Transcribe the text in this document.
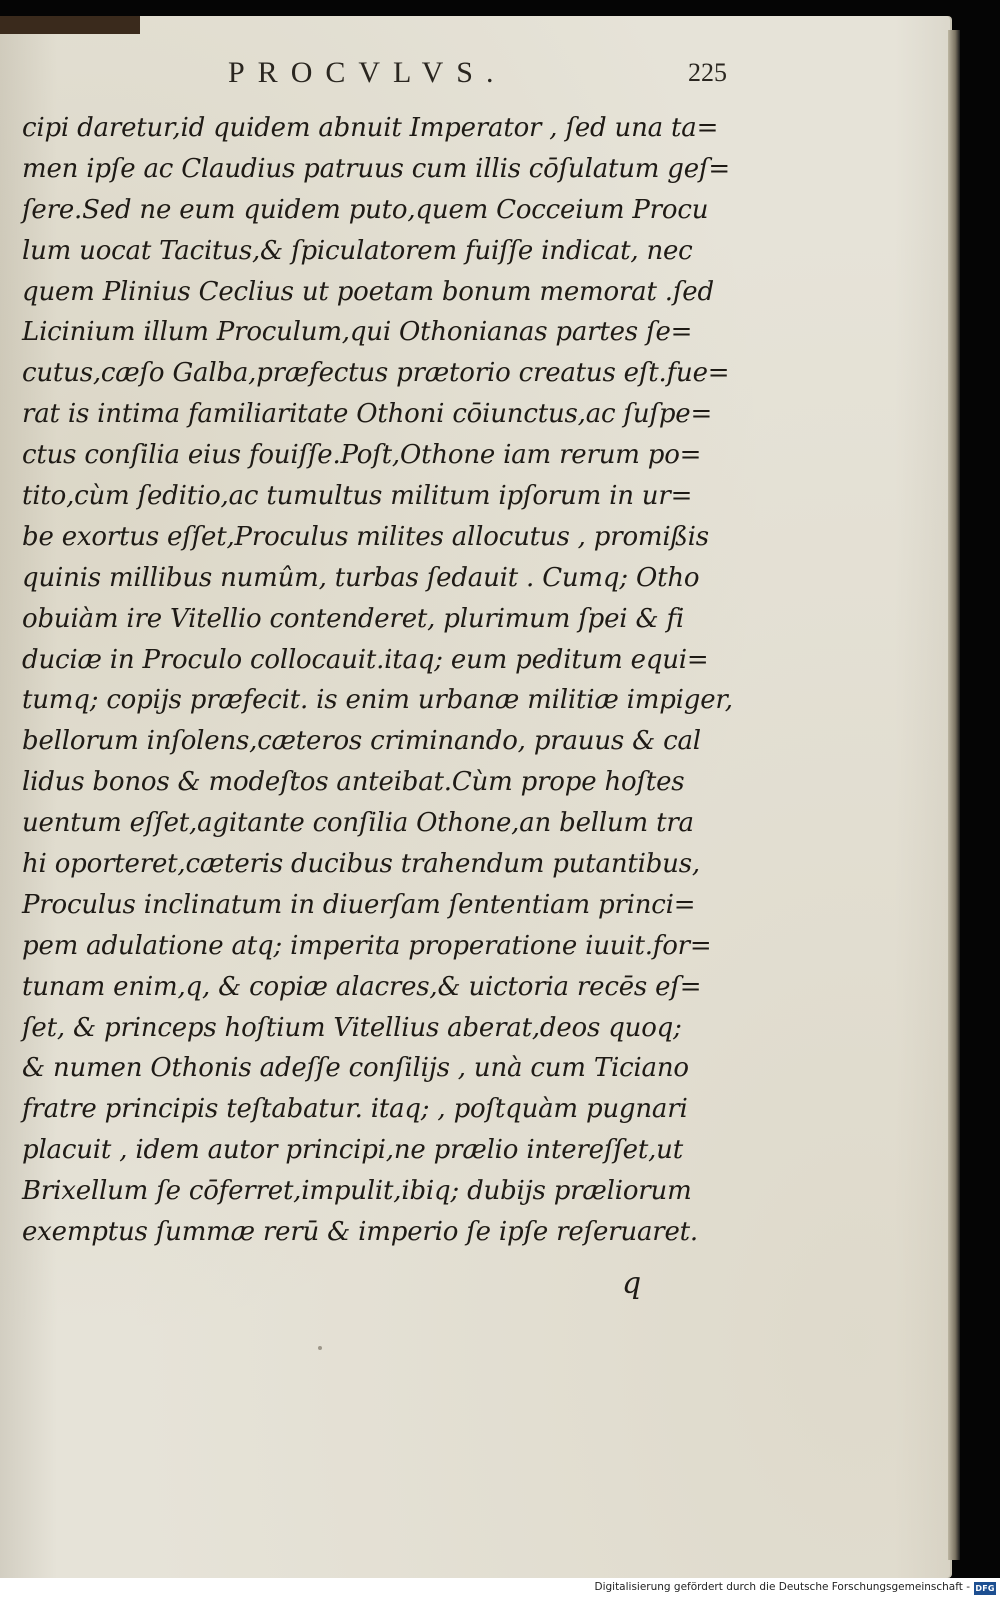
PROCVLVS.	225
cipi daretur,id quidem abnuit Imperator , ſed una ta=
men ipſe ac Claudius patruus cum illis cōſulatum geſ=
ſere.Sed ne eum quidem puto,quem Cocceium Procu
lum uocat Tacitus,& ſpiculatorem fuiſſe indicat, nec
quem Plinius Ceclius ut poetam bonum memorat .ſed
Licinium illum Proculum,qui Othonianas partes ſe=
cutus,cæſo Galba,præfectus prætorio creatus eſt.fue=
rat is intima familiaritate Othoni cōiunctus,ac ſuſpe=
ctus conſilia eius fouiſſe.Poſt,Othone iam rerum po=
tito,cùm ſeditio,ac tumultus militum ipſorum in ur=
be exortus eſſet,Proculus milites allocutus , promißis
quinis millibus numûm, turbas ſedauit . Cumq; Otho
obuiàm ire Vitellio contenderet, plurimum ſpei & fi
duciæ in Proculo collocauit.itaq; eum peditum equi=
tumq; copijs præfecit. is enim urbanæ militiæ impiger,
bellorum inſolens,cæteros criminando, prauus & cal
lidus bonos & modeſtos anteibat.Cùm prope hoſtes
uentum eſſet,agitante conſilia Othone,an bellum tra
hi oporteret,cæteris ducibus trahendum putantibus,
Proculus inclinatum in diuerſam ſententiam princi=
pem adulatione atq; imperita properatione iuuit.for=
tunam enim,q, & copiæ alacres,& uictoria recēs eſ=
ſet, & princeps hoſtium Vitellius aberat,deos quoq;
& numen Othonis adeſſe conſilijs , unà cum Ticiano
fratre principis teſtabatur. itaq; , poſtquàm pugnari
placuit , idem autor principi,ne prælio intereſſet,ut
Brixellum ſe cōferret,impulit,ibiq; dubijs præliorum
exemptus ſummæ rerū & imperio ſe ipſe reſeruaret.
q
Digitalisierung gefördert durch die Deutsche Forschungsgemeinschaft - DFG
